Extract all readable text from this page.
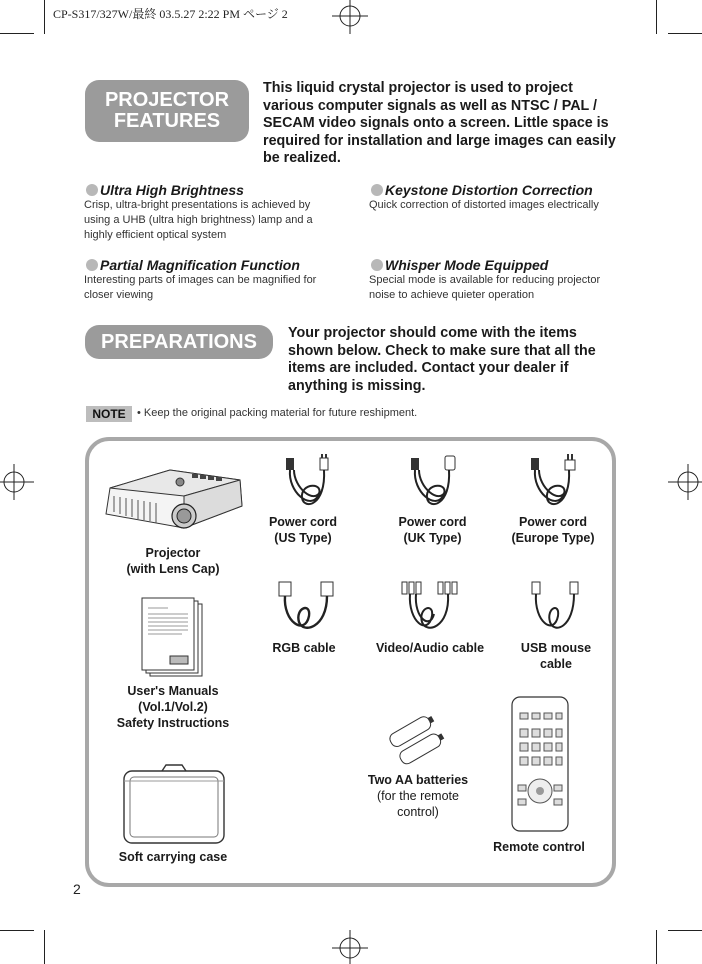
CP-S317/327W/最終 03.5.27 2:22 PM ページ 2
PROJECTOR
FEATURES
This liquid crystal projector is used to project various computer signals as well as NTSC / PAL / SECAM video signals onto a screen. Little space is required for installation and large images can easily be realized.
Ultra High Brightness
Crisp, ultra-bright presentations is achieved by using a UHB (ultra high brightness) lamp and a highly efficient optical system
Keystone Distortion Correction
Quick correction of distorted images electrically
Partial Magnification Function
Interesting parts of images can be magnified for closer viewing
Whisper Mode Equipped
Special mode is available for reducing projector noise to achieve quieter operation
PREPARATIONS	Your projector should come with the items shown below. Check to make sure that all the items are included. Contact your dealer if anything is missing.
NOTE	• Keep the original packing material for future reshipment.
Projector
(with Lens Cap)
Power cord
(US Type)
Power cord
(UK Type)
Power cord
(Europe Type)
RGB cable	Video/Audio cable	USB mouse
cable
User's Manuals
(Vol.1/Vol.2)
Safety Instructions
Two AA batteries
(for the remote
control)
Remote control
Soft carrying case
2
